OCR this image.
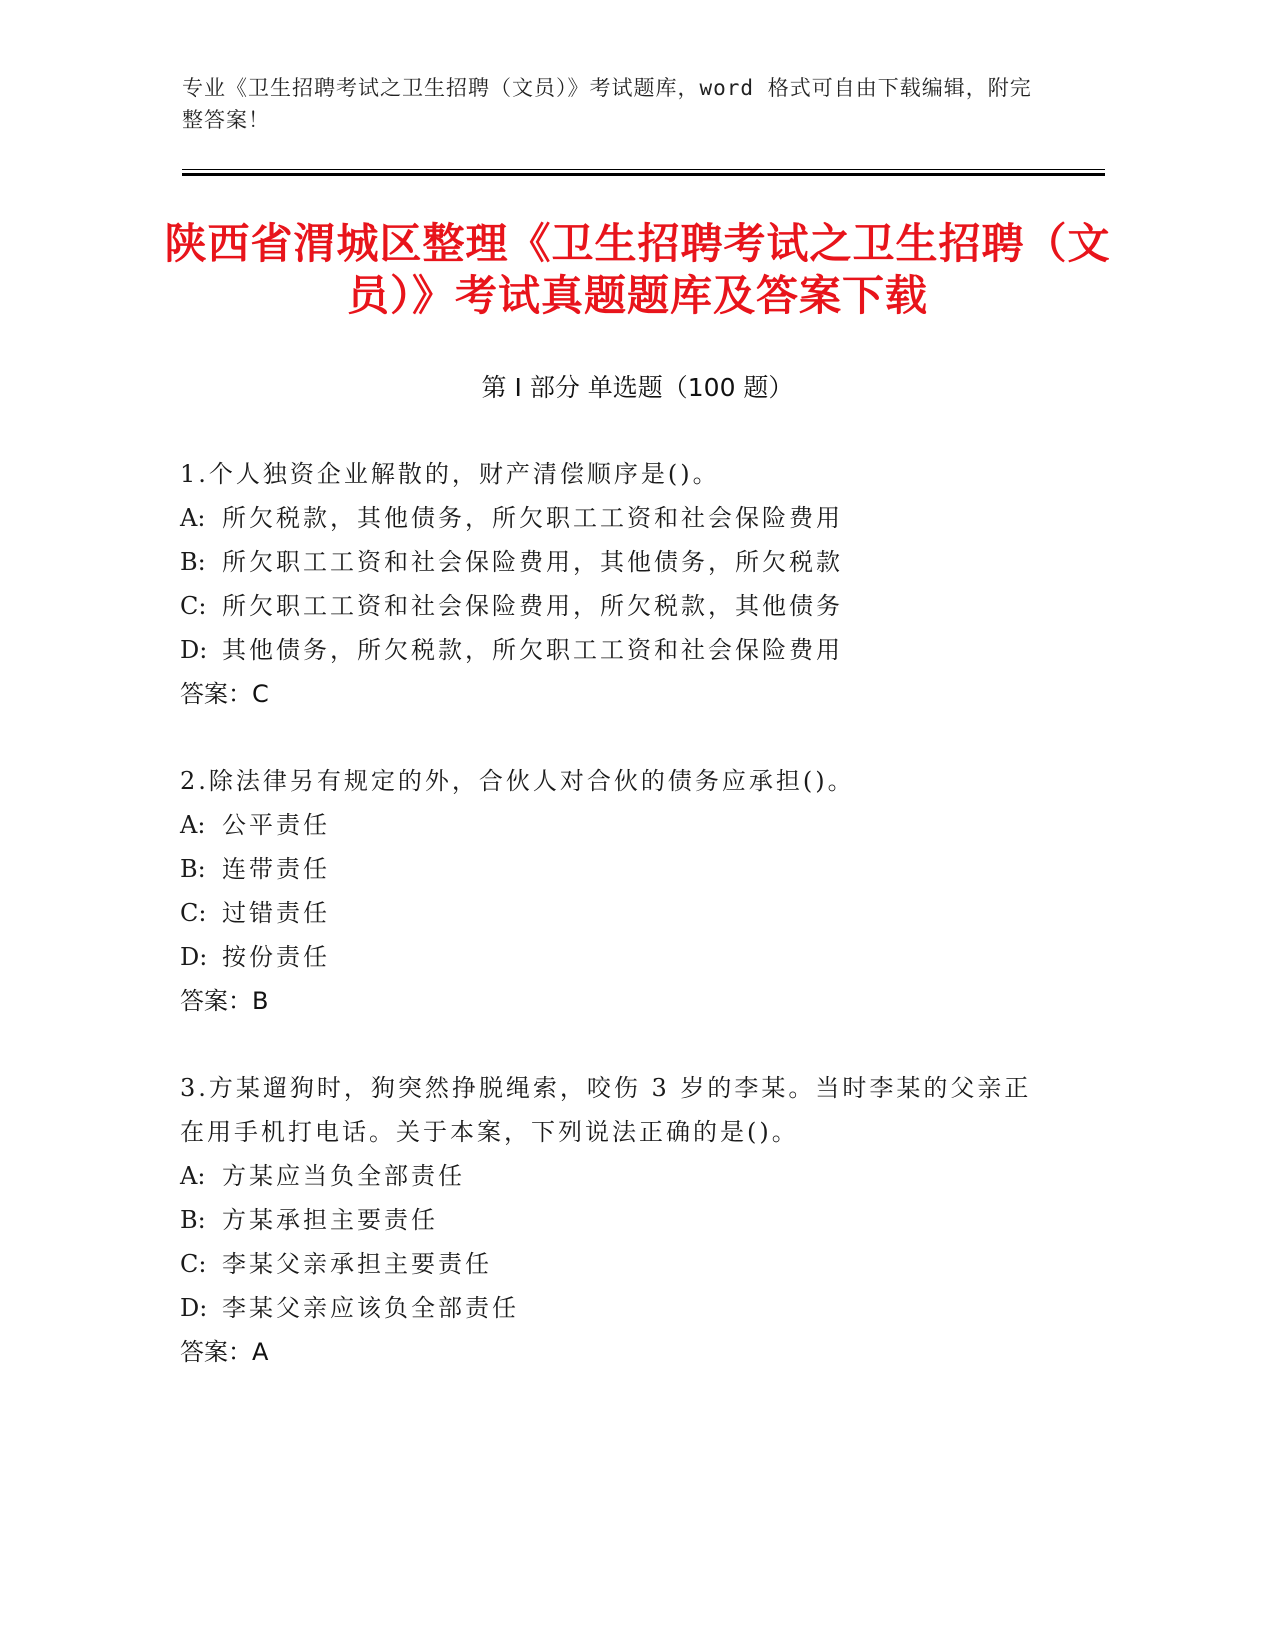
专业《卫生招聘考试之卫生招聘（文员）》考试题库，word 格式可自由下载编辑，附完整答案！
陕西省渭城区整理《卫生招聘考试之卫生招聘（文员）》考试真题题库及答案下载
第 I 部分 单选题（100 题）
1.个人独资企业解散的，财产清偿顺序是()。
A: 所欠税款，其他债务，所欠职工工资和社会保险费用
B: 所欠职工工资和社会保险费用，其他债务，所欠税款
C: 所欠职工工资和社会保险费用，所欠税款，其他债务
D: 其他债务，所欠税款，所欠职工工资和社会保险费用
答案：C
2.除法律另有规定的外，合伙人对合伙的债务应承担()。
A: 公平责任
B: 连带责任
C: 过错责任
D: 按份责任
答案：B
3.方某遛狗时，狗突然挣脱绳索，咬伤 3 岁的李某。当时李某的父亲正在用手机打电话。关于本案，下列说法正确的是()。
A: 方某应当负全部责任
B: 方某承担主要责任
C: 李某父亲承担主要责任
D: 李某父亲应该负全部责任
答案：A
